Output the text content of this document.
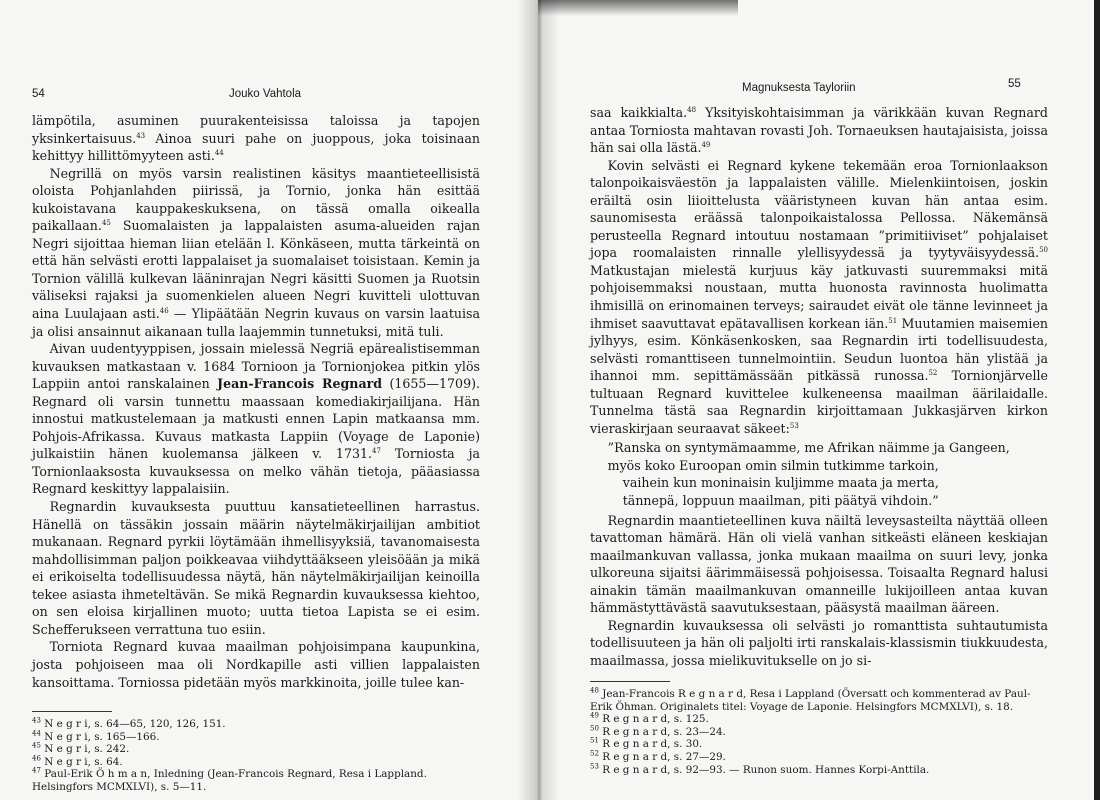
54	Jouko Vahtola

lämpötila, asuminen puurakenteisissa taloissa ja tapojen yksinkertaisuus.$^{43}$ Ainoa suuri pahe on juoppous, joka toisinaan kehittyy hillittömyyteen asti.$^{44}$

Negrillä on myös varsin realistinen käsitys maantieteellisistä oloista Pohjanlahden piirissä, ja Tornio, jonka hän esittää kukoistavana kauppakeskuksena, on tässä omalla oikealla paikallaan.$^{45}$ Suomalaisten ja lappalaisten asuma-alueiden rajan Negri sijoittaa hieman liian etelään l. Könkäseen, mutta tärkeintä on että hän selvästi erotti lappalaiset ja suomalaiset toisistaan. Kemin ja Tornion välillä kulkevan lääninrajan Negri käsitti Suomen ja Ruotsin väliseksi rajaksi ja suomenkielen alueen Negri kuvitteli ulottuvan aina Luulajaan asti.$^{46}$ — Ylipäätään Negrin kuvaus on varsin laatuisa ja olisi ansainnut aikanaan tulla laajemmin tunnetuksi, mitä tuli.

Aivan uudentyyppisen, jossain mielessä Negriä epärealistisemman kuvauksen matkastaan v. 1684 Tornioon ja Tornionjokea pitkin ylös Lappiin antoi ranskalainen Jean-Francois Regnard (1655—1709). Regnard oli varsin tunnettu maassaan komediakirjailijana. Hän innostui matkustelemaan ja matkusti ennen Lapin matkaansa mm. Pohjois-Afrikassa. Kuvaus matkasta Lappiin (Voyage de Laponie) julkaistiin hänen kuolemansa jälkeen v. 1731.47 Torniosta ja Tornionlaaksosta kuvauksessa on melko vähän tietoja, pääasiassa Regnard keskittyy lappalaisiin.

Regnardin kuvauksesta puuttuu kansatieteellinen harrastus. Hänellä on tässäkin jossain määrin näytelmäkirjailijan ambitiot mukanaan. Regnard pyrkii löytämään ihmellisyyksiä, tavanomaisesta mahdollisimman paljon poikkeavaa viihdyttääkseen yleisöään ja mikä ei erikoiselta todellisuudessa näytä, hän näytelmäkirjailijan keinoilla tekee asiasta ihmeteltävän. Se mikä Regnardin kuvauksessa kiehtoo, on sen eloisa kirjallinen muoto; uutta tietoa Lapista se ei esim. Schefferukseen verrattuna tuo esiin.

Torniota Regnard kuvaa maailman pohjoisimpana kaupunkina, josta pohjoiseen maa oli Nordkapille asti villien lappalaisten kansoittama. Torniossa pidetään myös markkinoita, joille tulee kan-

$^{43}$ N e g r i, s. 64—65, 120, 126, 151.
$^{44}$ N e g r i, s. 165—166.
$^{45}$ N e g r i, s. 242.
$^{46}$ N e g r i, s. 64.
$^{47}$ Paul-Erik Ö h m a n, Inledning (Jean-Francois Regnard, Resa i Lappland. Helsingfors MCMXLVI), s. 5—11.
Magnuksesta Tayloriin	55

saa kaikkialta.$^{48}$ Yksityiskohtaisimman ja värikkään kuvan Regnard antaa Torniosta mahtavan rovasti Joh. Tornaeuksen hautajaisista, joissa hän sai olla lästä.$^{49}$

Kovin selvästi ei Regnard kykene tekemään eroa Tornionlaakson talonpoikaisväestön ja lappalaisten välille. Mielenkiintoisen, joskin eräiltä osin liioittelusta vääristyneen kuvan hän antaa esim. saunomisesta eräässä talonpoikaistalossa Pellossa. Näkemänsä perusteella Regnard intoutuu nostamaan ”primitiiviset” pohjalaiset jopa roomalaisten rinnalle ylellisyydessä ja tyytyväisyydessä.$^{50}$ Matkustajan mielestä kurjuus käy jatkuvasti suuremmaksi mitä pohjoisemmaksi noustaan, mutta huonosta ravinnosta huolimatta ihmisillä on erinomainen terveys; sairaudet eivät ole tänne levinneet ja ihmiset saavuttavat epätavallisen korkean iän.$^{51}$ Muutamien maisemien jylhyys, esim. Könkäsenkosken, saa Regnardin irti todellisuudesta, selvästi romanttiseen tunnelmointiin. Seudun luontoa hän ylistää ja ihannoi mm. sepittämässään pitkässä runossa.$^{52}$ Tornionjärvelle tultuaan Regnard kuvittelee kulkeneensa maailman äärilaidalle. Tunnelma tästä saa Regnardin kirjoittamaan Jukkasjärven kirkon vieraskirjaan seuraavat säkeet:$^{53}$

”Ranska on syntymämaamme, me Afrikan näimme ja Gangeen,
myös koko Euroopan omin silmin tutkimme tarkoin,
vaihein kun moninaisin kuljimme maata ja merta,
tännepä, loppuun maailman, piti päätyä vihdoin.”

Regnardin maantieteellinen kuva näiltä leveysasteilta näyttää olleen tavattoman hämärä. Hän oli vielä vanhan sitkeästi eläneen keskiajan maailmankuvan vallassa, jonka mukaan maailma on suuri levy, jonka ulkoreuna sijaitsi äärimmäisessä pohjoisessa. Toisaalta Regnard halusi ainakin tämän maailmankuvan omanneille lukijoilleen antaa kuvan hämmästyttävästä saavutuksestaan, pääsystä maailman ääreen.

Regnardin kuvauksessa oli selvästi jo romanttista suhtautumista todellisuuteen ja hän oli paljolti irti ranskalais-klassismin tiukkuudesta, maailmassa, jossa mielikuvitukselle on jo si-

$^{48}$ Jean-Francois R e g n a r d, Resa i Lappland (Översatt och kommenterad av Paul-Erik Öhman. Originalets titel: Voyage de Laponie. Helsingfors MCMXLVI), s. 18.
$^{49}$ R e g n a r d, s. 125.
$^{50}$ R e g n a r d, s. 23—24.
$^{51}$ R e g n a r d, s. 30.
$^{52}$ R e g n a r d, s. 27—29.
$^{53}$ R e g n a r d, s. 92—93. — Runon suom. Hannes Korpi-Anttila.
